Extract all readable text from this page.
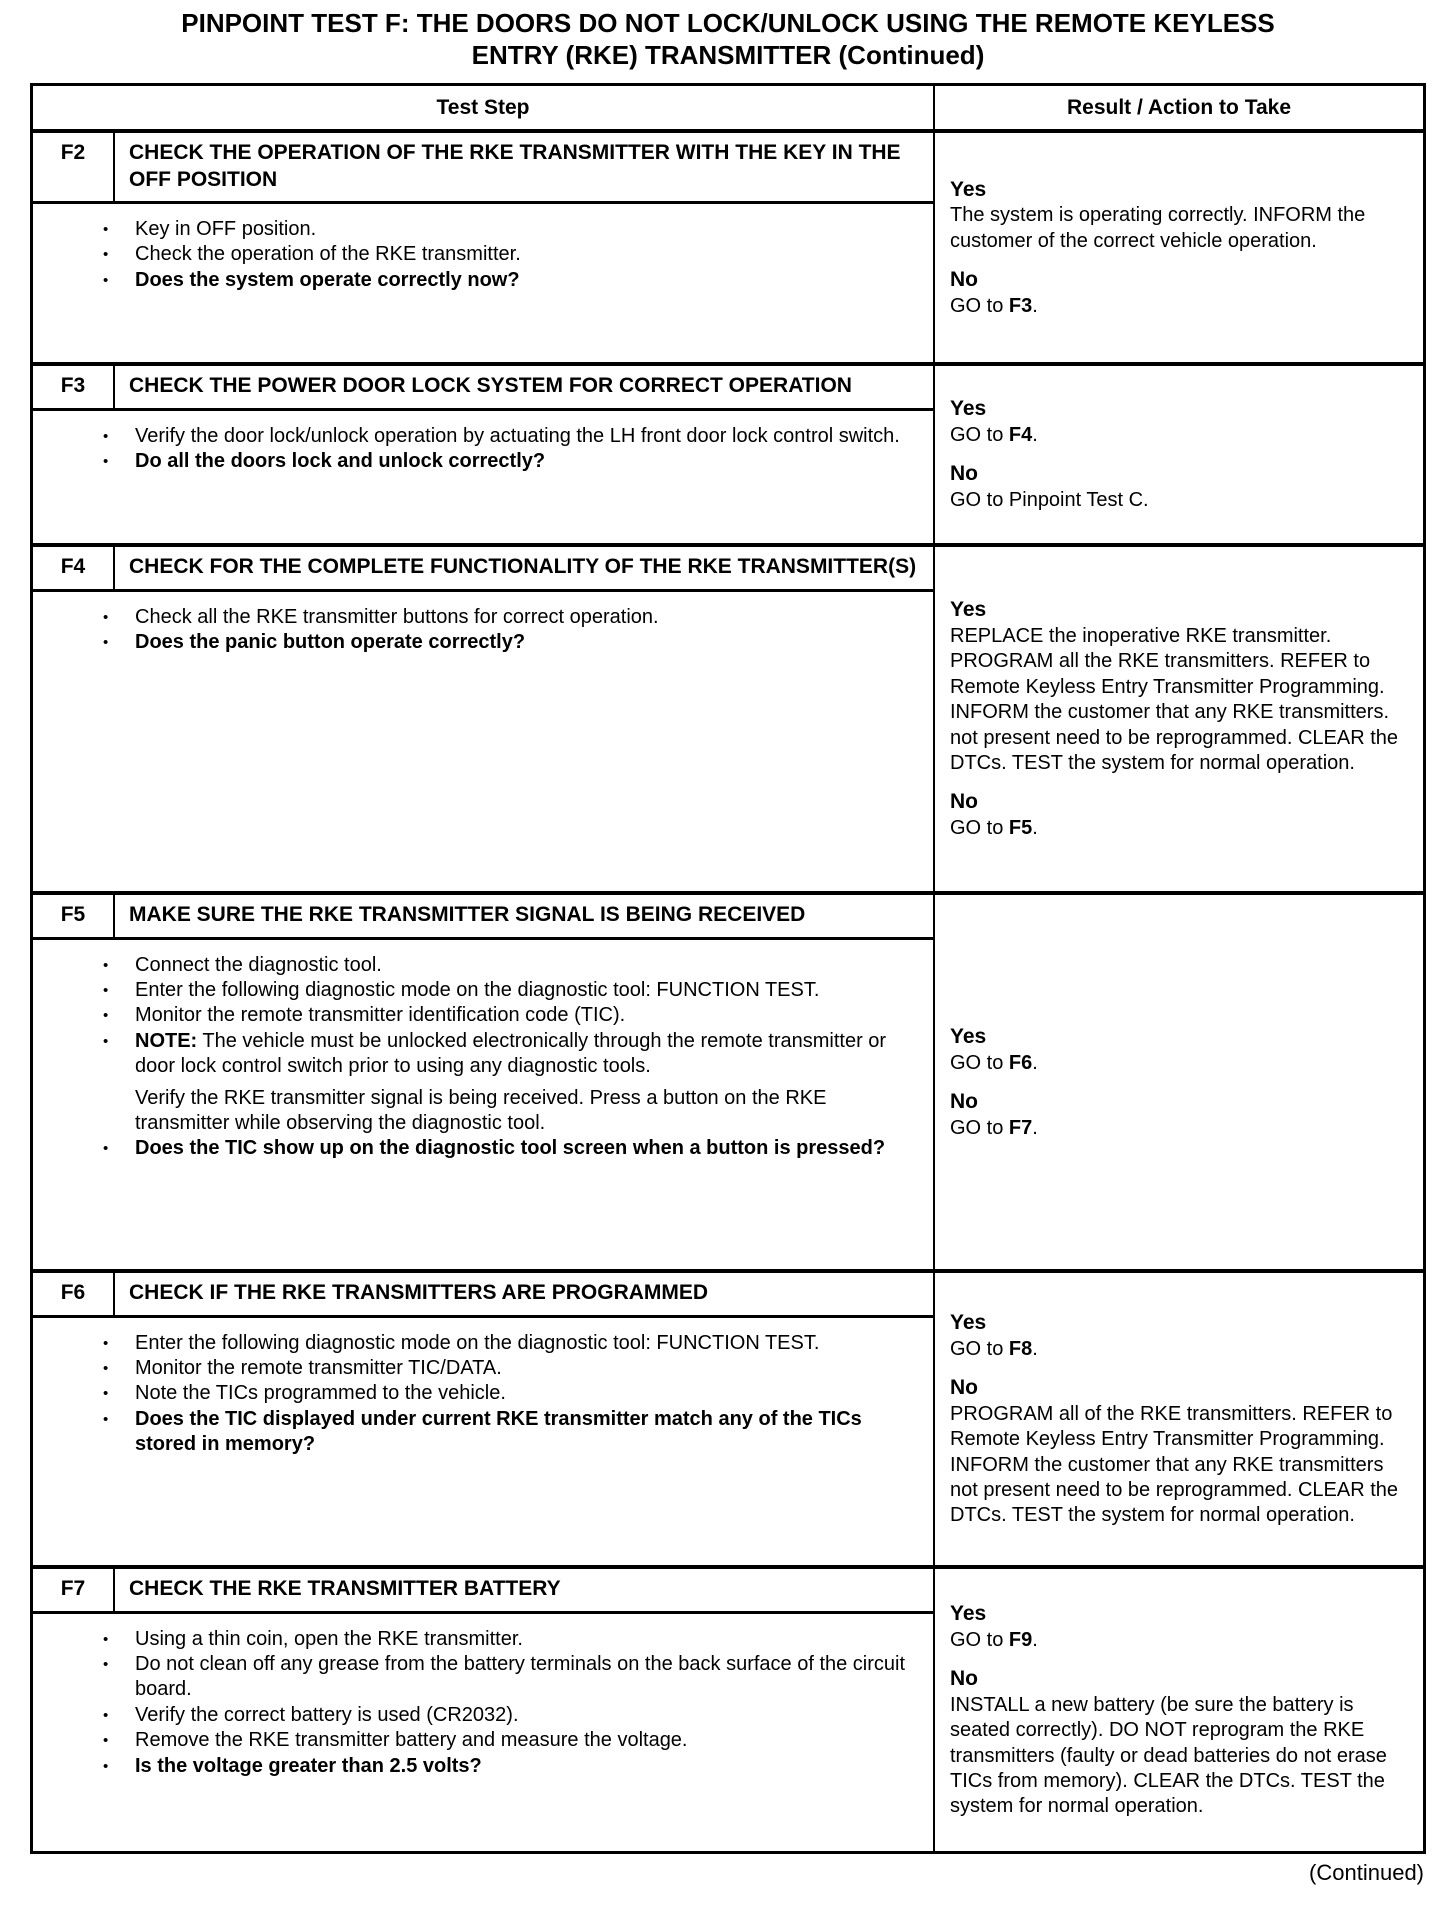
PINPOINT TEST F: THE DOORS DO NOT LOCK/UNLOCK USING THE REMOTE KEYLESS ENTRY (RKE) TRANSMITTER (Continued)
Test Step	Result / Action to Take
F2	CHECK THE OPERATION OF THE RKE TRANSMITTER WITH THE KEY IN THE OFF POSITION
•	Key in OFF position.
•	Check the operation of the RKE transmitter.
•	Does the system operate correctly now?
Yes
The system is operating correctly. INFORM the customer of the correct vehicle operation.
No
GO to F3.
F3	CHECK THE POWER DOOR LOCK SYSTEM FOR CORRECT OPERATION
•	Verify the door lock/unlock operation by actuating the LH front door lock control switch.
•	Do all the doors lock and unlock correctly?
Yes
GO to F4.
No
GO to Pinpoint Test C.
F4	CHECK FOR THE COMPLETE FUNCTIONALITY OF THE RKE TRANSMITTER(S)
•	Check all the RKE transmitter buttons for correct operation.
•	Does the panic button operate correctly?
Yes
REPLACE the inoperative RKE transmitter. PROGRAM all the RKE transmitters. REFER to Remote Keyless Entry Transmitter Programming. INFORM the customer that any RKE transmitters. not present need to be reprogrammed. CLEAR the DTCs. TEST the system for normal operation.
No
GO to F5.
F5	MAKE SURE THE RKE TRANSMITTER SIGNAL IS BEING RECEIVED
•	Connect the diagnostic tool.
•	Enter the following diagnostic mode on the diagnostic tool: FUNCTION TEST.
•	Monitor the remote transmitter identification code (TIC).
•	NOTE: The vehicle must be unlocked electronically through the remote transmitter or door lock control switch prior to using any diagnostic tools.
Verify the RKE transmitter signal is being received. Press a button on the RKE transmitter while observing the diagnostic tool.
•	Does the TIC show up on the diagnostic tool screen when a button is pressed?
Yes
GO to F6.
No
GO to F7.
F6	CHECK IF THE RKE TRANSMITTERS ARE PROGRAMMED
•	Enter the following diagnostic mode on the diagnostic tool: FUNCTION TEST.
•	Monitor the remote transmitter TIC/DATA.
•	Note the TICs programmed to the vehicle.
•	Does the TIC displayed under current RKE transmitter match any of the TICs stored in memory?
Yes
GO to F8.
No
PROGRAM all of the RKE transmitters. REFER to Remote Keyless Entry Transmitter Programming. INFORM the customer that any RKE transmitters not present need to be reprogrammed. CLEAR the DTCs. TEST the system for normal operation.
F7	CHECK THE RKE TRANSMITTER BATTERY
•	Using a thin coin, open the RKE transmitter.
•	Do not clean off any grease from the battery terminals on the back surface of the circuit board.
•	Verify the correct battery is used (CR2032).
•	Remove the RKE transmitter battery and measure the voltage.
•	Is the voltage greater than 2.5 volts?
Yes
GO to F9.
No
INSTALL a new battery (be sure the battery is seated correctly). DO NOT reprogram the RKE transmitters (faulty or dead batteries do not erase TICs from memory). CLEAR the DTCs. TEST the system for normal operation.
(Continued)
